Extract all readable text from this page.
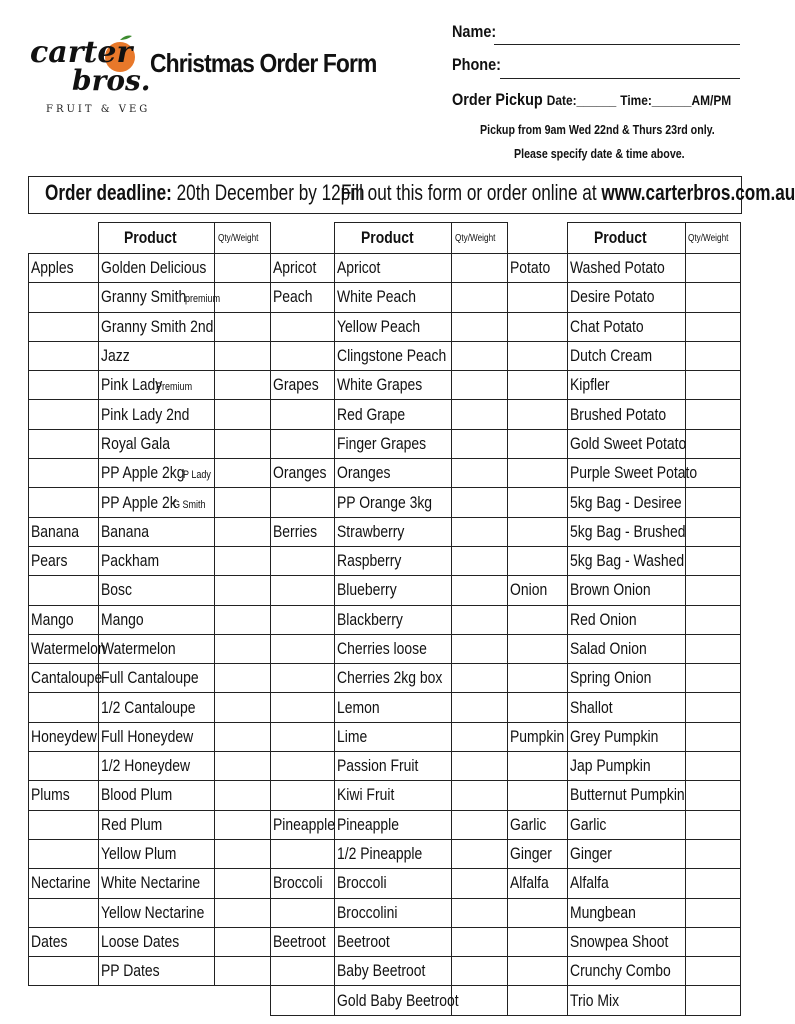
carter
bros.
FRUIT & VEG
Christmas Order Form
Name:
Phone:
Order Pickup Date:______ Time:______AM/PM
Pickup from 9am Wed 22nd & Thurs 23rd only.
Please specify date & time above.
Order deadline: 20th December by 12pm
Fill out this form or order online at www.carterbros.com.au
	Product	Qty/Weight
Apples	Golden Delicious	
	Granny Smithpremium	
	Granny Smith 2nd	
	Jazz	
	Pink LadyPremium	
	Pink Lady 2nd	
	Royal Gala	
	PP Apple 2kgP Lady	
	PP Apple 2kG Smith	
Banana	Banana	
Pears	Packham	
	Bosc	
Mango	Mango	
Watermelon	Watermelon	
Cantaloupe	Full Cantaloupe	
	1/2 Cantaloupe	
Honeydew	Full Honeydew	
	1/2 Honeydew	
Plums	Blood Plum	
	Red Plum	
	Yellow Plum	
Nectarine	White Nectarine	
	Yellow Nectarine	
Dates	Loose Dates	
	PP Dates	
	Product	Qty/Weight
Apricot	Apricot	
Peach	White Peach	
	Yellow Peach	
	Clingstone Peach	
Grapes	White Grapes	
	Red Grape	
	Finger Grapes	
Oranges	Oranges	
	PP Orange 3kg	
Berries	Strawberry	
	Raspberry	
	Blueberry	
	Blackberry	
	Cherries loose	
	Cherries 2kg box	
	Lemon	
	Lime	
	Passion Fruit	
	Kiwi Fruit	
Pineapple	Pineapple	
	1/2 Pineapple	
Broccoli	Broccoli	
	Broccolini	
Beetroot	Beetroot	
	Baby Beetroot	
	Gold Baby Beetroot	
	Product	Qty/Weight
Potato	Washed Potato	
	Desire Potato	
	Chat Potato	
	Dutch Cream	
	Kipfler	
	Brushed Potato	
	Gold Sweet Potato	
	Purple Sweet Potato	
	5kg Bag - Desiree	
	5kg Bag - Brushed	
	5kg Bag - Washed	
Onion	Brown Onion	
	Red Onion	
	Salad Onion	
	Spring Onion	
	Shallot	
Pumpkin	Grey Pumpkin	
	Jap Pumpkin	
	Butternut Pumpkin	
Garlic	Garlic	
Ginger	Ginger	
Alfalfa	Alfalfa	
	Mungbean	
	Snowpea Shoot	
	Crunchy Combo	
	Trio Mix	
